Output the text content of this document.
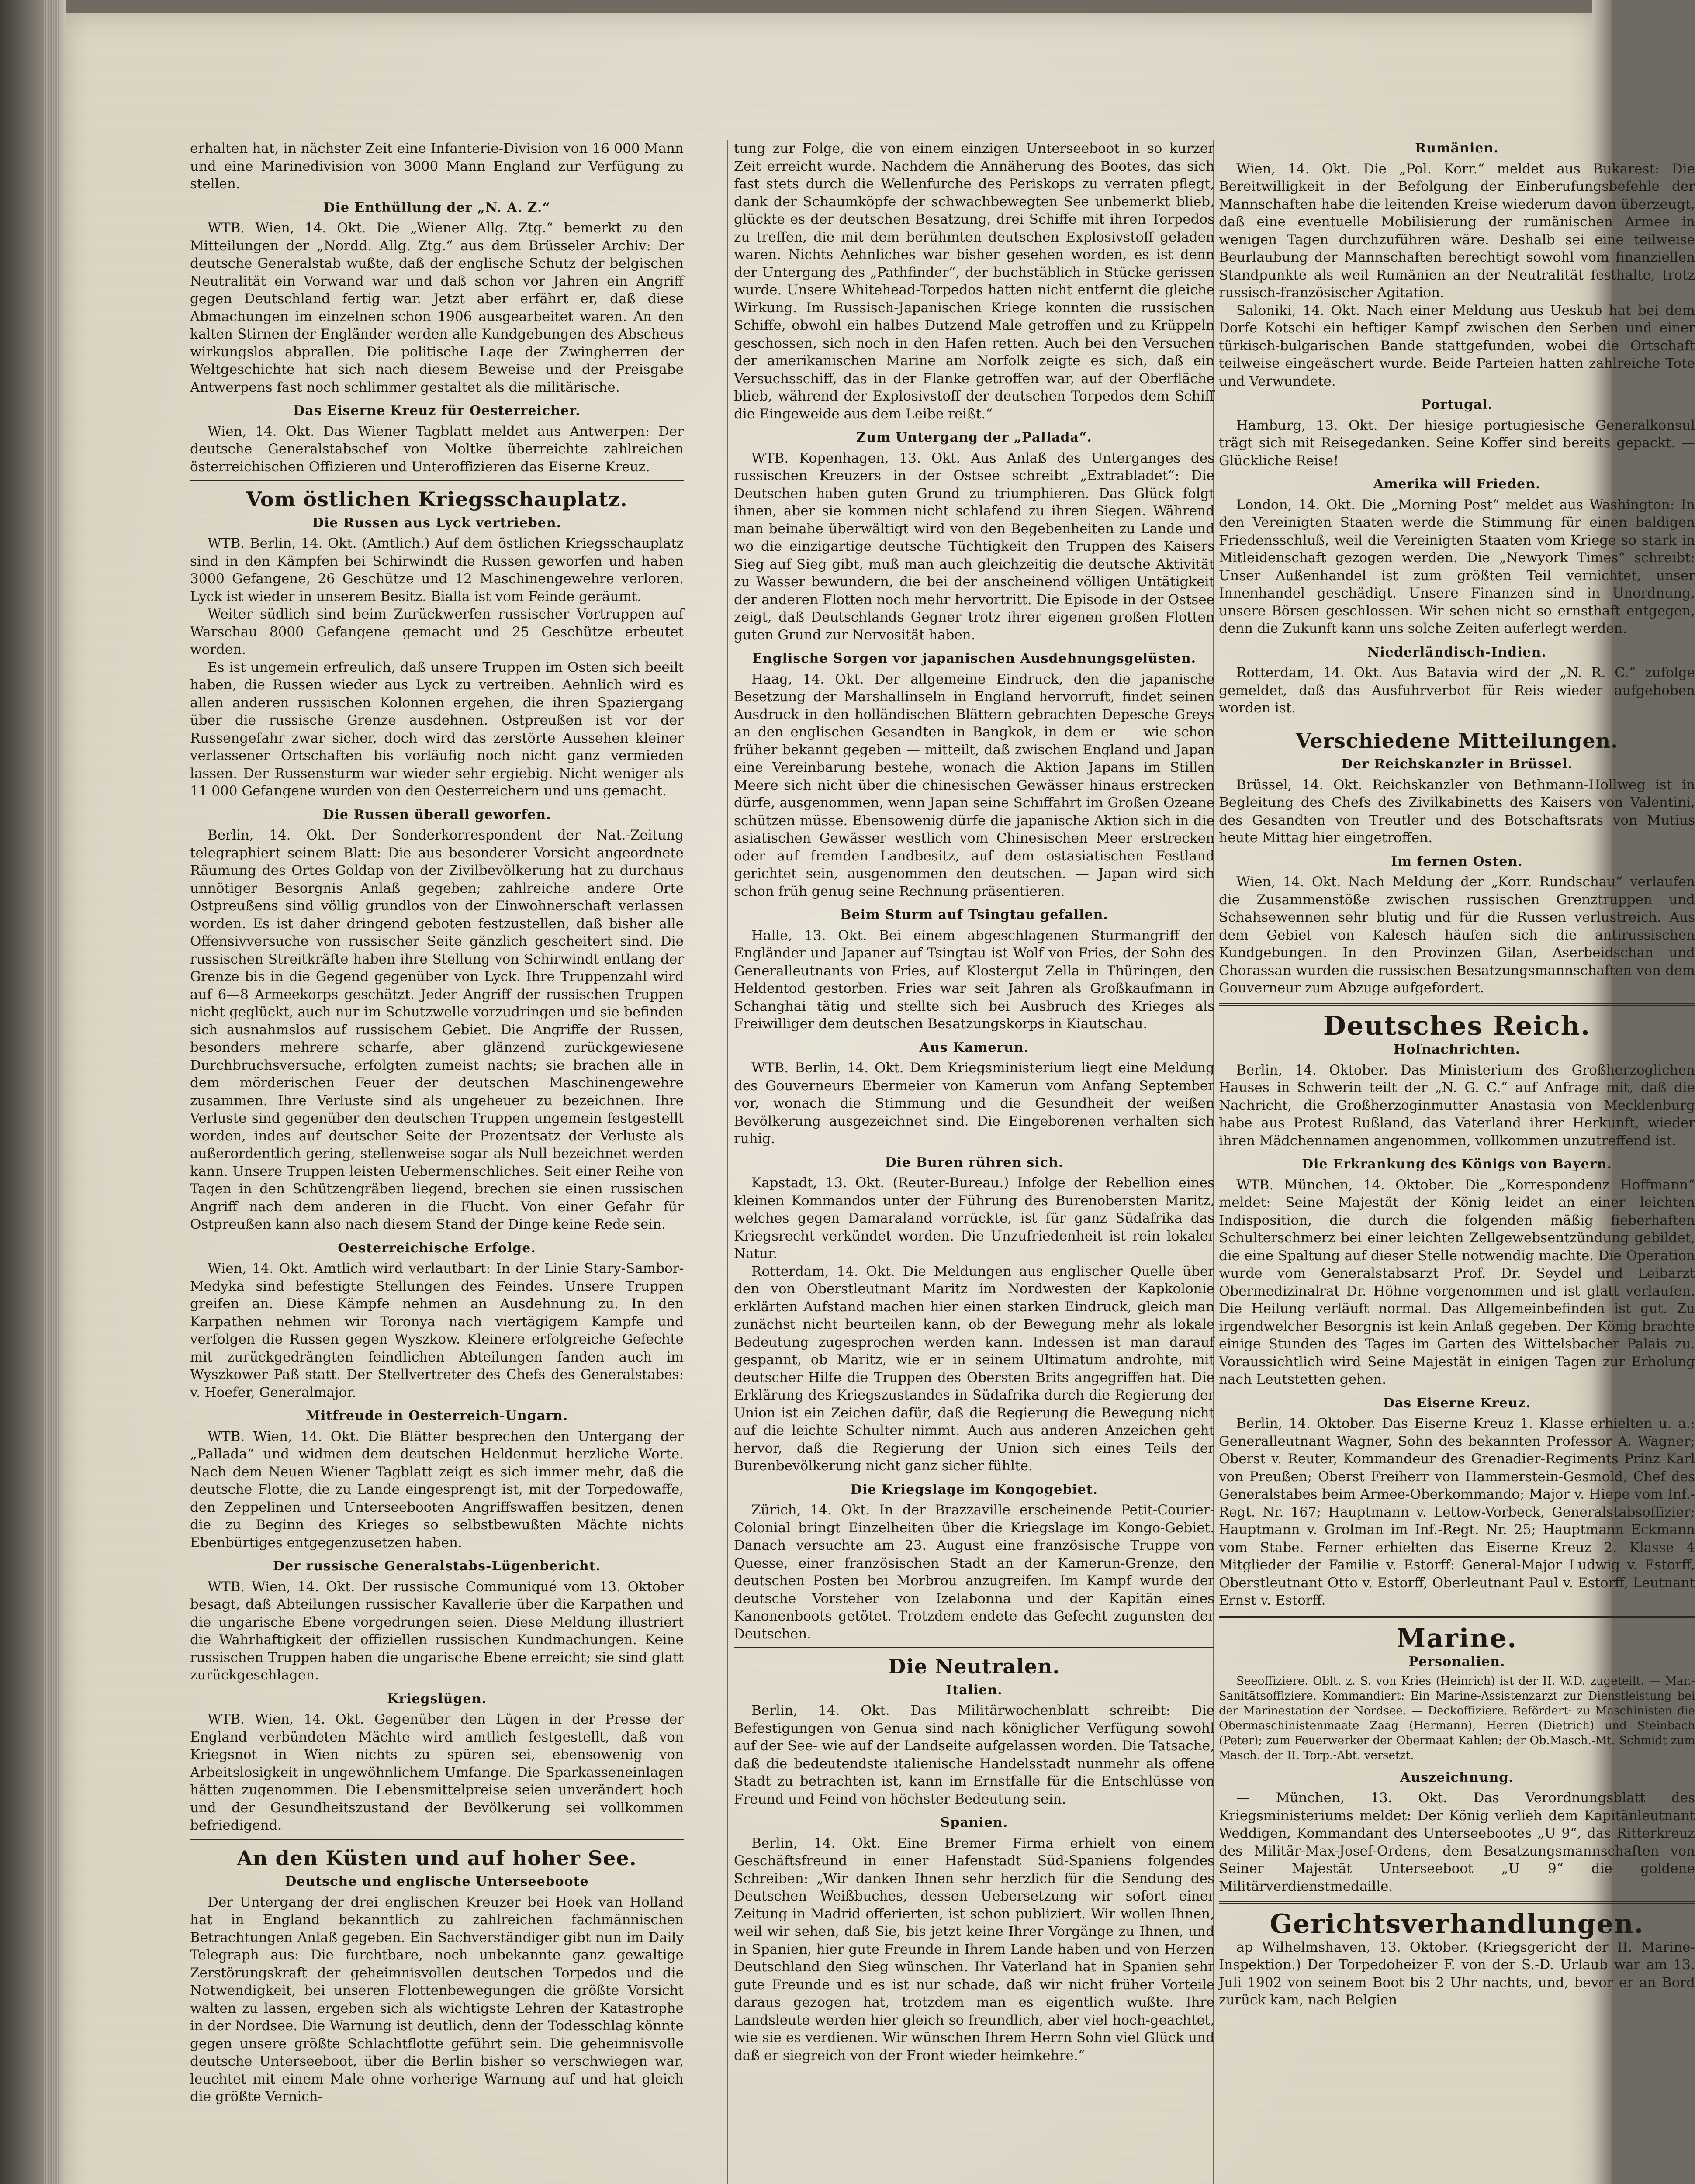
erhalten hat, in nächster Zeit eine Infanterie-Division von 16 000 Mann und eine Marinedivision von 3000 Mann England zur Verfügung zu stellen.

Die Enthüllung der „N. A. Z.“

WTB. Wien, 14. Okt. Die „Wiener Allg. Ztg.“ bemerkt zu den Mitteilungen der „Nordd. Allg. Ztg.“ aus dem Brüsseler Archiv: Der deutsche Generalstab wußte, daß der englische Schutz der belgischen Neutralität ein Vorwand war und daß schon vor Jahren ein Angriff gegen Deutschland fertig war. Jetzt aber erfährt er, daß diese Abmachungen im einzelnen schon 1906 ausgearbeitet waren. An den kalten Stirnen der Engländer werden alle Kundgebungen des Abscheus wirkungslos abprallen. Die politische Lage der Zwingherren der Weltgeschichte hat sich nach diesem Beweise und der Preisgabe Antwerpens fast noch schlimmer gestaltet als die militärische.

Das Eiserne Kreuz für Oesterreicher.

Wien, 14. Okt. Das Wiener Tagblatt meldet aus Antwerpen: Der deutsche Generalstabschef von Moltke überreichte zahlreichen österreichischen Offizieren und Unteroffizieren das Eiserne Kreuz.

Vom östlichen Kriegsschauplatz.
Die Russen aus Lyck vertrieben.

WTB. Berlin, 14. Okt. (Amtlich.) Auf dem östlichen Kriegsschauplatz sind in den Kämpfen bei Schirwindt die Russen geworfen und haben 3000 Gefangene, 26 Geschütze und 12 Maschinengewehre verloren. Lyck ist wieder in unserem Besitz. Bialla ist vom Feinde geräumt.

Weiter südlich sind beim Zurückwerfen russischer Vortruppen auf Warschau 8000 Gefangene gemacht und 25 Geschütze erbeutet worden.

Es ist ungemein erfreulich, daß unsere Truppen im Osten sich beeilt haben, die Russen wieder aus Lyck zu vertreiben. Aehnlich wird es allen anderen russischen Kolonnen ergehen, die ihren Spaziergang über die russische Grenze ausdehnen. Ostpreußen ist vor der Russengefahr zwar sicher, doch wird das zerstörte Aussehen kleiner verlassener Ortschaften bis vorläufig noch nicht ganz vermieden lassen. Der Russensturm war wieder sehr ergiebig. Nicht weniger als 11 000 Gefangene wurden von den Oesterreichern und uns gemacht.

Die Russen überall geworfen.

Berlin, 14. Okt. Der Sonderkorrespondent der Nat.-Zeitung telegraphiert seinem Blatt: Die aus besonderer Vorsicht angeordnete Räumung des Ortes Goldap von der Zivilbevölkerung hat zu durchaus unnötiger Besorgnis Anlaß gegeben; zahlreiche andere Orte Ostpreußens sind völlig grundlos von der Einwohnerschaft verlassen worden. Es ist daher dringend geboten festzustellen, daß bisher alle Offensivversuche von russischer Seite gänzlich gescheitert sind. Die russischen Streitkräfte haben ihre Stellung von Schirwindt entlang der Grenze bis in die Gegend gegenüber von Lyck. Ihre Truppenzahl wird auf 6—8 Armeekorps geschätzt. Jeder Angriff der russischen Truppen nicht geglückt, auch nur im Schutzwelle vorzudringen und sie befinden sich ausnahmslos auf russischem Gebiet. Die Angriffe der Russen, besonders mehrere scharfe, aber glänzend zurückgewiesene Durchbruchsversuche, erfolgten zumeist nachts; sie brachen alle in dem mörderischen Feuer der deutschen Maschinengewehre zusammen. Ihre Verluste sind als ungeheuer zu bezeichnen. Ihre Verluste sind gegenüber den deutschen Truppen ungemein festgestellt worden, indes auf deutscher Seite der Prozentsatz der Verluste als außerordentlich gering, stellenweise sogar als Null bezeichnet werden kann. Unsere Truppen leisten Uebermenschliches. Seit einer Reihe von Tagen in den Schützengräben liegend, brechen sie einen russischen Angriff nach dem anderen in die Flucht. Von einer Gefahr für Ostpreußen kann also nach diesem Stand der Dinge keine Rede sein.

Oesterreichische Erfolge.

Wien, 14. Okt. Amtlich wird verlautbart: In der Linie Stary-Sambor-Medyka sind befestigte Stellungen des Feindes. Unsere Truppen greifen an. Diese Kämpfe nehmen an Ausdehnung zu. In den Karpathen nehmen wir Toronya nach viertägigem Kampfe und verfolgen die Russen gegen Wyszkow. Kleinere erfolgreiche Gefechte mit zurückgedrängten feindlichen Abteilungen fanden auch im Wyszkower Paß statt. Der Stellvertreter des Chefs des Generalstabes: v. Hoefer, Generalmajor.

Mitfreude in Oesterreich-Ungarn.

WTB. Wien, 14. Okt. Die Blätter besprechen den Untergang der „Pallada“ und widmen dem deutschen Heldenmut herzliche Worte. Nach dem Neuen Wiener Tagblatt zeigt es sich immer mehr, daß die deutsche Flotte, die zu Lande eingesprengt ist, mit der Torpedowaffe, den Zeppelinen und Unterseebooten Angriffswaffen besitzen, denen die zu Beginn des Krieges so selbstbewußten Mächte nichts Ebenbürtiges entgegenzusetzen haben.

Der russische Generalstabs-Lügenbericht.

WTB. Wien, 14. Okt. Der russische Communiqué vom 13. Oktober besagt, daß Abteilungen russischer Kavallerie über die Karpathen und die ungarische Ebene vorgedrungen seien. Diese Meldung illustriert die Wahrhaftigkeit der offiziellen russischen Kundmachungen. Keine russischen Truppen haben die ungarische Ebene erreicht; sie sind glatt zurückgeschlagen.

Kriegslügen.

WTB. Wien, 14. Okt. Gegenüber den Lügen in der Presse der England verbündeten Mächte wird amtlich festgestellt, daß von Kriegsnot in Wien nichts zu spüren sei, ebensowenig von Arbeitslosigkeit in ungewöhnlichem Umfange. Die Sparkasseneinlagen hätten zugenommen. Die Lebensmittelpreise seien unverändert hoch und der Gesundheitszustand der Bevölkerung sei vollkommen befriedigend.

An den Küsten und auf hoher See.
Deutsche und englische Unterseeboote

Der Untergang der drei englischen Kreuzer bei Hoek van Holland hat in England bekanntlich zu zahlreichen fachmännischen Betrachtungen Anlaß gegeben. Ein Sachverständiger gibt nun im Daily Telegraph aus: Die furchtbare, noch unbekannte ganz gewaltige Zerstörungskraft der geheimnisvollen deutschen Torpedos und die Notwendigkeit, bei unseren Flottenbewegungen die größte Vorsicht walten zu lassen, ergeben sich als wichtigste Lehren der Katastrophe in der Nordsee. Die Warnung ist deutlich, denn der Todesschlag könnte gegen unsere größte Schlachtflotte geführt sein. Die geheimnisvolle deutsche Unterseeboot, über die Berlin bisher so verschwiegen war, leuchtet mit einem Male ohne vorherige Warnung auf und hat gleich die größte Vernich-

tung zur Folge, die von einem einzigen Unterseeboot in so kurzer Zeit erreicht wurde. Nachdem die Annäherung des Bootes, das sich fast stets durch die Wellenfurche des Periskops zu verraten pflegt, dank der Schaumköpfe der schwachbewegten See unbemerkt blieb, glückte es der deutschen Besatzung, drei Schiffe mit ihren Torpedos zu treffen, die mit dem berühmten deutschen Explosivstoff geladen waren. Nichts Aehnliches war bisher gesehen worden, es ist denn der Untergang des „Pathfinder“, der buchstäblich in Stücke gerissen wurde. Unsere Whitehead-Torpedos hatten nicht entfernt die gleiche Wirkung. Im Russisch-Japanischen Kriege konnten die russischen Schiffe, obwohl ein halbes Dutzend Male getroffen und zu Krüppeln geschossen, sich noch in den Hafen retten. Auch bei den Versuchen der amerikanischen Marine am Norfolk zeigte es sich, daß ein Versuchsschiff, das in der Flanke getroffen war, auf der Oberfläche blieb, während der Explosivstoff der deutschen Torpedos dem Schiff die Eingeweide aus dem Leibe reißt.“

Zum Untergang der „Pallada“.

WTB. Kopenhagen, 13. Okt. Aus Anlaß des Unterganges des russischen Kreuzers in der Ostsee schreibt „Extrabladet“: Die Deutschen haben guten Grund zu triumphieren. Das Glück folgt ihnen, aber sie kommen nicht schlafend zu ihren Siegen. Während man beinahe überwältigt wird von den Begebenheiten zu Lande und wo die einzigartige deutsche Tüchtigkeit den Truppen des Kaisers Sieg auf Sieg gibt, muß man auch gleichzeitig die deutsche Aktivität zu Wasser bewundern, die bei der anscheinend völligen Untätigkeit der anderen Flotten noch mehr hervortritt. Die Episode in der Ostsee zeigt, daß Deutschlands Gegner trotz ihrer eigenen großen Flotten guten Grund zur Nervosität haben.

Englische Sorgen vor japanischen Ausdehnungsgelüsten.

Haag, 14. Okt. Der allgemeine Eindruck, den die japanische Besetzung der Marshallinseln in England hervorruft, findet seinen Ausdruck in den holländischen Blättern gebrachten Depesche Greys an den englischen Gesandten in Bangkok, in dem er — wie schon früher bekannt gegeben — mitteilt, daß zwischen England und Japan eine Vereinbarung bestehe, wonach die Aktion Japans im Stillen Meere sich nicht über die chinesischen Gewässer hinaus erstrecken dürfe, ausgenommen, wenn Japan seine Schiffahrt im Großen Ozeane schützen müsse. Ebensowenig dürfe die japanische Aktion sich in die asiatischen Gewässer westlich vom Chinesischen Meer erstrecken oder auf fremden Landbesitz, auf dem ostasiatischen Festland gerichtet sein, ausgenommen den deutschen. — Japan wird sich schon früh genug seine Rechnung präsentieren.

Beim Sturm auf Tsingtau gefallen.

Halle, 13. Okt. Bei einem abgeschlagenen Sturmangriff der Engländer und Japaner auf Tsingtau ist Wolf von Fries, der Sohn des Generalleutnants von Fries, auf Klostergut Zella in Thüringen, den Heldentod gestorben. Fries war seit Jahren als Großkaufmann in Schanghai tätig und stellte sich bei Ausbruch des Krieges als Freiwilliger dem deutschen Besatzungskorps in Kiautschau.

Aus Kamerun.

WTB. Berlin, 14. Okt. Dem Kriegsministerium liegt eine Meldung des Gouverneurs Ebermeier von Kamerun vom Anfang September vor, wonach die Stimmung und die Gesundheit der weißen Bevölkerung ausgezeichnet sind. Die Eingeborenen verhalten sich ruhig.

Die Buren rühren sich.

Kapstadt, 13. Okt. (Reuter-Bureau.) Infolge der Rebellion eines kleinen Kommandos unter der Führung des Burenobersten Maritz, welches gegen Damaraland vorrückte, ist für ganz Südafrika das Kriegsrecht verkündet worden. Die Unzufriedenheit ist rein lokaler Natur.

Rotterdam, 14. Okt. Die Meldungen aus englischer Quelle über den von Oberstleutnant Maritz im Nordwesten der Kapkolonie erklärten Aufstand machen hier einen starken Eindruck, gleich man zunächst nicht beurteilen kann, ob der Bewegung mehr als lokale Bedeutung zugesprochen werden kann. Indessen ist man darauf gespannt, ob Maritz, wie er in seinem Ultimatum androhte, mit deutscher Hilfe die Truppen des Obersten Brits angegriffen hat. Die Erklärung des Kriegszustandes in Südafrika durch die Regierung der Union ist ein Zeichen dafür, daß die Regierung die Bewegung nicht auf die leichte Schulter nimmt. Auch aus anderen Anzeichen geht hervor, daß die Regierung der Union sich eines Teils der Burenbevölkerung nicht ganz sicher fühlte.

Die Kriegslage im Kongogebiet.

Zürich, 14. Okt. In der Brazzaville erscheinende Petit-Courier-Colonial bringt Einzelheiten über die Kriegslage im Kongo-Gebiet. Danach versuchte am 23. August eine französische Truppe von Quesse, einer französischen Stadt an der Kamerun-Grenze, den deutschen Posten bei Morbrou anzugreifen. Im Kampf wurde der deutsche Vorsteher von Izelabonna und der Kapitän eines Kanonenboots getötet. Trotzdem endete das Gefecht zugunsten der Deutschen.

Die Neutralen.
Italien.

Berlin, 14. Okt. Das Militärwochenblatt schreibt: Die Befestigungen von Genua sind nach königlicher Verfügung sowohl auf der See- wie auf der Landseite aufgelassen worden. Die Tatsache, daß die bedeutendste italienische Handelsstadt nunmehr als offene Stadt zu betrachten ist, kann im Ernstfalle für die Entschlüsse von Freund und Feind von höchster Bedeutung sein.

Spanien.

Berlin, 14. Okt. Eine Bremer Firma erhielt von einem Geschäftsfreund in einer Hafenstadt Süd-Spaniens folgendes Schreiben: „Wir danken Ihnen sehr herzlich für die Sendung des Deutschen Weißbuches, dessen Uebersetzung wir sofort einer Zeitung in Madrid offerierten, ist schon publiziert. Wir wollen Ihnen, weil wir sehen, daß Sie, bis jetzt keine Ihrer Vorgänge zu Ihnen, und in Spanien, hier gute Freunde in Ihrem Lande haben und von Herzen Deutschland den Sieg wünschen. Ihr Vaterland hat in Spanien sehr gute Freunde und es ist nur schade, daß wir nicht früher Vorteile daraus gezogen hat, trotzdem man es eigentlich wußte. Ihre Landsleute werden hier gleich so freundlich, aber viel hoch-geachtet, wie sie es verdienen. Wir wünschen Ihrem Herrn Sohn viel Glück und daß er siegreich von der Front wieder heimkehre.“

Rumänien.

Wien, 14. Okt. Die „Pol. Korr.“ meldet aus Bukarest: Die Bereitwilligkeit in der Befolgung der Einberufungsbefehle der Mannschaften habe die leitenden Kreise wiederum davon überzeugt, daß eine eventuelle Mobilisierung der rumänischen Armee in wenigen Tagen durchzuführen wäre. Deshalb sei eine teilweise Beurlaubung der Mannschaften berechtigt sowohl vom finanziellen Standpunkte als weil Rumänien an der Neutralität festhalte, trotz russisch-französischer Agitation.

Saloniki, 14. Okt. Nach einer Meldung aus Ueskub hat bei dem Dorfe Kotschi ein heftiger Kampf zwischen den Serben und einer türkisch-bulgarischen Bande stattgefunden, wobei die Ortschaft teilweise eingeäschert wurde. Beide Parteien hatten zahlreiche Tote und Verwundete.

Portugal.

Hamburg, 13. Okt. Der hiesige portugiesische Generalkonsul trägt sich mit Reisegedanken. Seine Koffer sind bereits gepackt. — Glückliche Reise!

Amerika will Frieden.

London, 14. Okt. Die „Morning Post“ meldet aus Washington: In den Vereinigten Staaten werde die Stimmung für einen baldigen Friedensschluß, weil die Vereinigten Staaten vom Kriege so stark in Mitleidenschaft gezogen werden. Die „Newyork Times“ schreibt: Unser Außenhandel ist zum größten Teil vernichtet, unser Innenhandel geschädigt. Unsere Finanzen sind in Unordnung, unsere Börsen geschlossen. Wir sehen nicht so ernsthaft entgegen, denn die Zukunft kann uns solche Zeiten auferlegt werden.

Niederländisch-Indien.

Rotterdam, 14. Okt. Aus Batavia wird der „N. R. C.“ zufolge gemeldet, daß das Ausfuhrverbot für Reis wieder aufgehoben worden ist.

Verschiedene Mitteilungen.
Der Reichskanzler in Brüssel.

Brüssel, 14. Okt. Reichskanzler von Bethmann-Hollweg ist in Begleitung des Chefs des Zivilkabinetts des Kaisers von Valentini, des Gesandten von Treutler und des Botschaftsrats von Mutius heute Mittag hier eingetroffen.

Im fernen Osten.

Wien, 14. Okt. Nach Meldung der „Korr. Rundschau“ verlaufen die Zusammenstöße zwischen russischen Grenztruppen und Schahsewennen sehr blutig und für die Russen verlustreich. Aus dem Gebiet von Kalesch häufen sich die antirussischen Kundgebungen. In den Provinzen Gilan, Aserbeidschan und Chorassan wurden die russischen Besatzungsmannschaften von dem Gouverneur zum Abzuge aufgefordert.

Deutsches Reich.
Hofnachrichten.

Berlin, 14. Oktober. Das Ministerium des Großherzoglichen Hauses in Schwerin teilt der „N. G. C.“ auf Anfrage mit, daß die Nachricht, die Großherzoginmutter Anastasia von Mecklenburg habe aus Protest Rußland, das Vaterland ihrer Herkunft, wieder ihren Mädchennamen angenommen, vollkommen unzutreffend ist.

Die Erkrankung des Königs von Bayern.

WTB. München, 14. Oktober. Die „Korrespondenz Hoffmann“ meldet: Seine Majestät der König leidet an einer leichten Indisposition, die durch die folgenden mäßig fieberhaften Schulterschmerz bei einer leichten Zellgewebsentzündung gebildet, die eine Spaltung auf dieser Stelle notwendig machte. Die Operation wurde vom Generalstabsarzt Prof. Dr. Seydel und Leibarzt Obermedizinalrat Dr. Höhne vorgenommen und ist glatt verlaufen. Die Heilung verläuft normal. Das Allgemeinbefinden ist gut. Zu irgendwelcher Besorgnis ist kein Anlaß gegeben. Der König brachte einige Stunden des Tages im Garten des Wittelsbacher Palais zu. Voraussichtlich wird Seine Majestät in einigen Tagen zur Erholung nach Leutstetten gehen.

Das Eiserne Kreuz.

Berlin, 14. Oktober. Das Eiserne Kreuz 1. Klasse erhielten u. a.: Generalleutnant Wagner, Sohn des bekannten Professor A. Wagner; Oberst v. Reuter, Kommandeur des Grenadier-Regiments Prinz Karl von Preußen; Oberst Freiherr von Hammerstein-Gesmold, Chef des Generalstabes beim Armee-Oberkommando; Major v. Hiepe vom Inf.-Regt. Nr. 167; Hauptmann v. Lettow-Vorbeck, Generalstabsoffizier; Hauptmann v. Grolman im Inf.-Regt. Nr. 25; Hauptmann Eckmann vom Stabe. Ferner erhielten das Eiserne Kreuz 2. Klasse 4 Mitglieder der Familie v. Estorff: General-Major Ludwig v. Estorff, Oberstleutnant Otto v. Estorff, Oberleutnant Paul v. Estorff, Leutnant Ernst v. Estorff.

Marine.
Personalien.

Seeoffiziere. Oblt. z. S. von Kries (Heinrich) ist der II. W.D. zugeteilt. — Mar.-Sanitätsoffiziere. Kommandiert: Ein Marine-Assistenzarzt zur Dienstleistung bei der Marinestation der Nordsee. — Deckoffiziere. Befördert: zu Maschinisten die Obermaschinistenmaate Zaag (Hermann), Herren (Dietrich) und Steinbach (Peter); zum Feuerwerker der Obermaat Kahlen; der Ob.Masch.-Mt. Schmidt zum Masch. der II. Torp.-Abt. versetzt.

Auszeichnung.

— München, 13. Okt. Das Verordnungsblatt des Kriegsministeriums meldet: Der König verlieh dem Kapitänleutnant Weddigen, Kommandant des Unterseebootes „U 9“, das Ritterkreuz des Militär-Max-Josef-Ordens, dem Besatzungsmannschaften von Seiner Majestät Unterseeboot „U 9“ die goldene Militärverdienstmedaille.

Gerichtsverhandlungen.

ap Wilhelmshaven, 13. Oktober. (Kriegsgericht der II. Marine-Inspektion.) Der Torpedoheizer F. von der S.-D. Urlaub war am 13. Juli 1902 von seinem Boot bis 2 Uhr nachts, und, bevor er an Bord zurück kam, nach Belgien
